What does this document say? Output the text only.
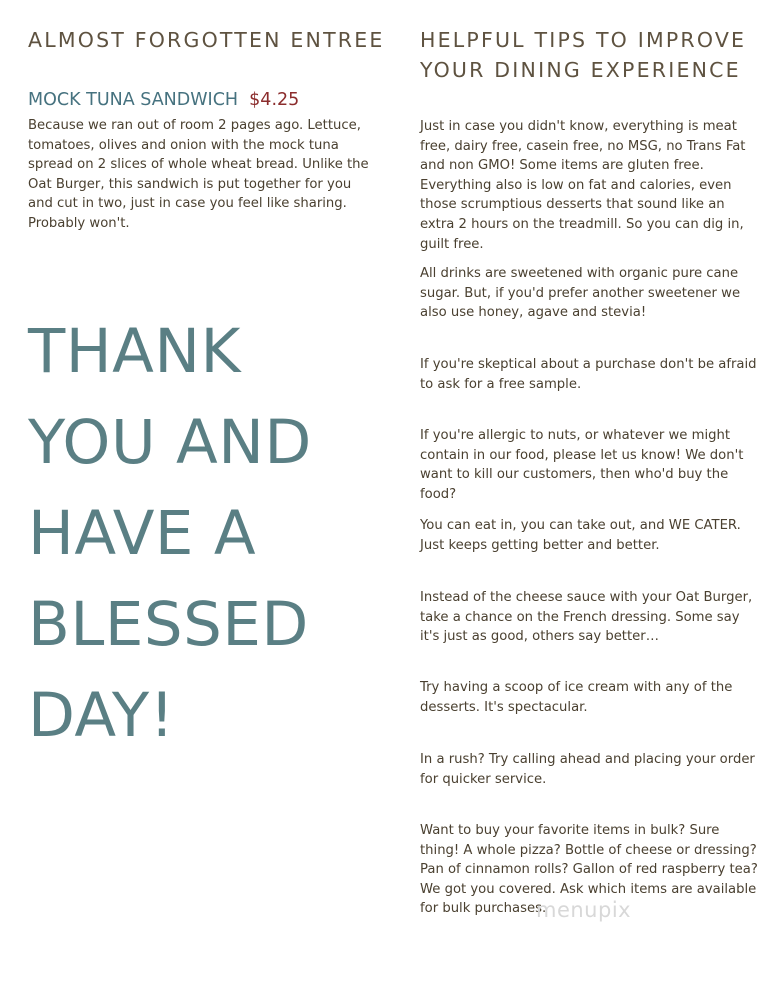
ALMOST FORGOTTEN ENTREE
MOCK TUNA SANDWICH $4.25

Because we ran out of room 2 pages ago. Lettuce, tomatoes, olives and onion with the mock tuna spread on 2 slices of whole wheat bread. Unlike the Oat Burger, this sandwich is put together for you and cut in two, just in case you feel like sharing. Probably won't.

THANK
YOU AND
HAVE A
BLESSED
DAY!
HELPFUL TIPS TO IMPROVE
YOUR DINING EXPERIENCE

Just in case you didn't know, everything is meat free, dairy free, casein free, no MSG, no Trans Fat and non GMO! Some items are gluten free. Everything also is low on fat and calories, even those scrumptious desserts that sound like an extra 2 hours on the treadmill. So you can dig in, guilt free.

All drinks are sweetened with organic pure cane sugar. But, if you'd prefer another sweetener we also use honey, agave and stevia!

If you're skeptical about a purchase don't be afraid to ask for a free sample.

If you're allergic to nuts, or whatever we might contain in our food, please let us know! We don't want to kill our customers, then who'd buy the food?

You can eat in, you can take out, and WE CATER. Just keeps getting better and better.

Instead of the cheese sauce with your Oat Burger, take a chance on the French dressing. Some say it's just as good, others say better…

Try having a scoop of ice cream with any of the desserts. It's spectacular.

In a rush? Try calling ahead and placing your order for quicker service.

Want to buy your favorite items in bulk? Sure thing! A whole pizza? Bottle of cheese or dressing? Pan of cinnamon rolls? Gallon of red raspberry tea? We got you covered. Ask which items are available for bulk purchases.

menupix
